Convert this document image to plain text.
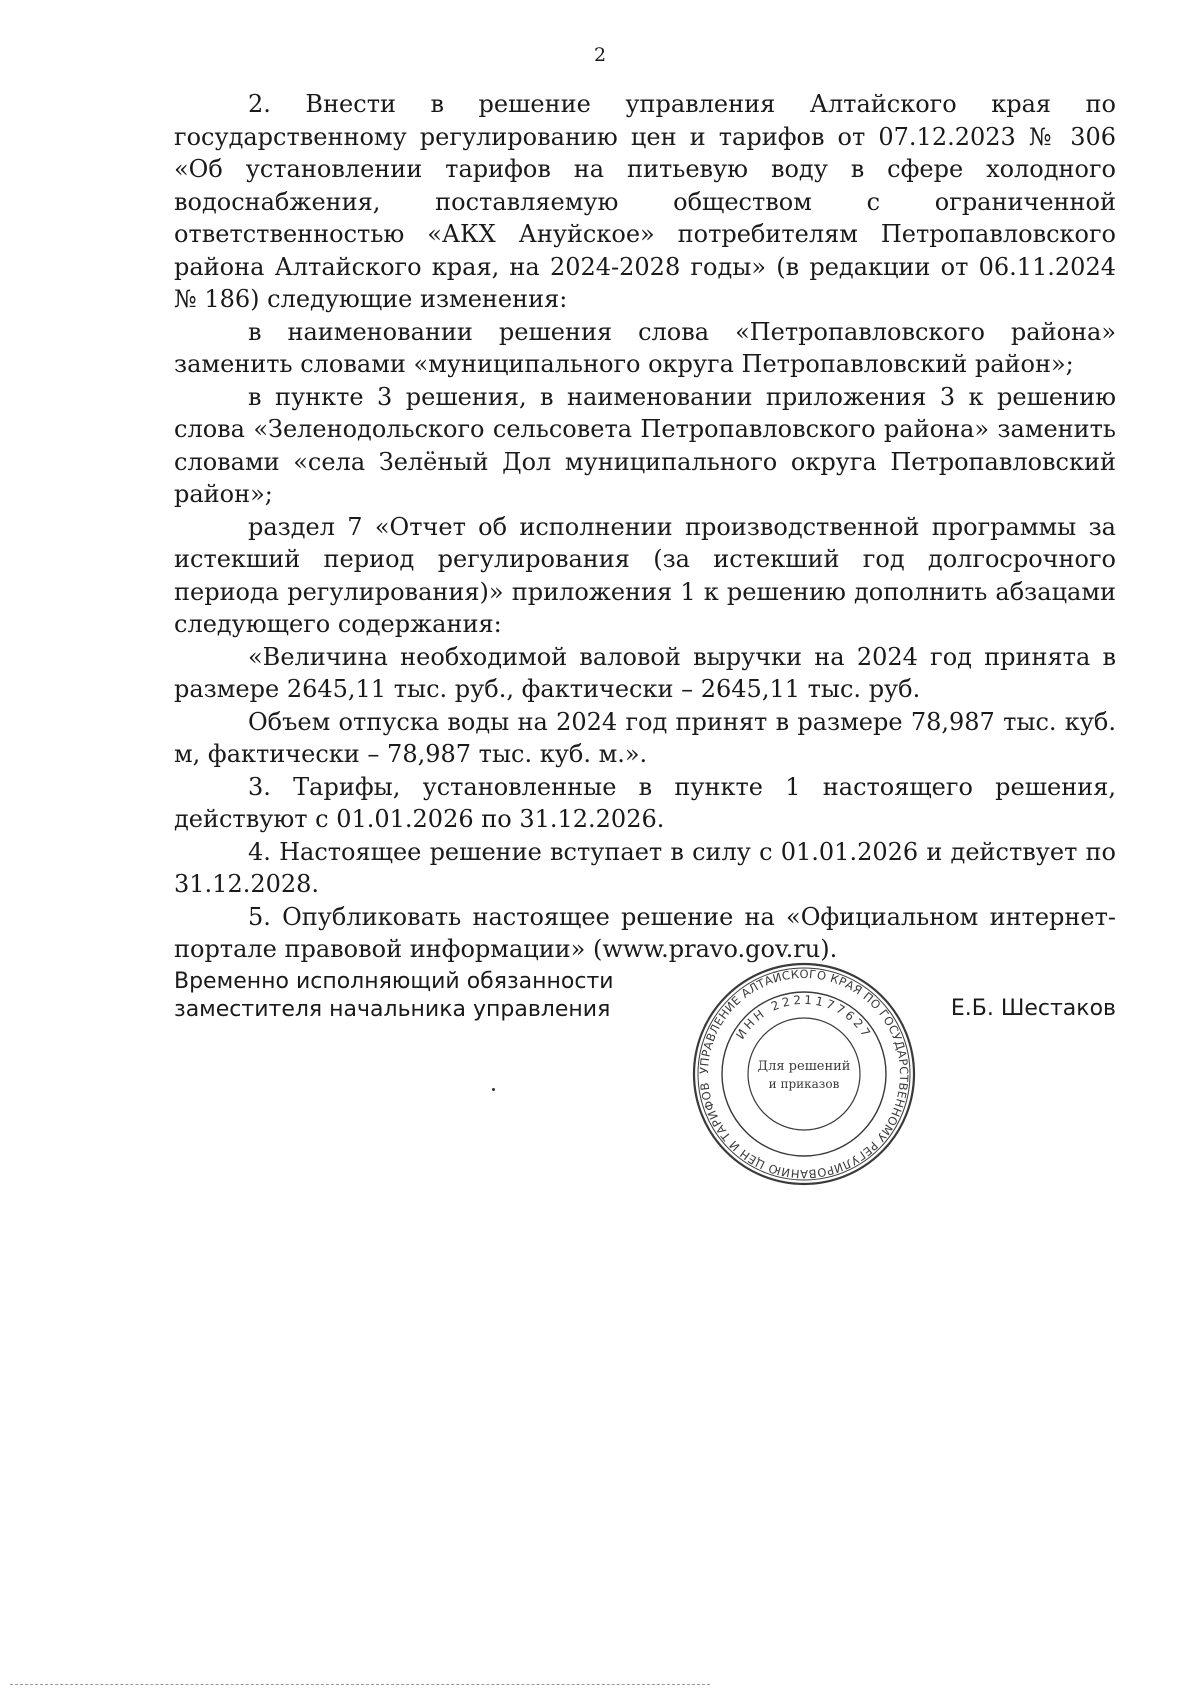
2

2. Внести в решение управления Алтайского края по государственному регулированию цен и тарифов от 07.12.2023 № 306 «Об установлении тарифов на питьевую воду в сфере холодного водоснабжения, поставляемую обществом с ограниченной ответственностью «АКХ Ануйское» потребителям Петропавловского района Алтайского края, на 2024-2028 годы» (в редакции от 06.11.2024 № 186) следующие изменения:

в наименовании решения слова «Петропавловского района» заменить словами «муниципального округа Петропавловский район»;

в пункте 3 решения, в наименовании приложения 3 к решению слова «Зеленодольского сельсовета Петропавловского района» заменить словами «села Зелёный Дол муниципального округа Петропавловский район»;

раздел 7 «Отчет об исполнении производственной программы за истекший период регулирования (за истекший год долгосрочного периода регулирования)» приложения 1 к решению дополнить абзацами следующего содержания:

«Величина необходимой валовой выручки на 2024 год принята в размере 2645,11 тыс. руб., фактически – 2645,11 тыс. руб.

Объем отпуска воды на 2024 год принят в размере 78,987 тыс. куб. м, фактически – 78,987 тыс. куб. м.».

3. Тарифы, установленные в пункте 1 настоящего решения, действуют с 01.01.2026 по 31.12.2026.

4. Настоящее решение вступает в силу с 01.01.2026 и действует по 31.12.2028.

5. Опубликовать настоящее решение на «Официальном интернет-портале правовой информации» (www.pravo.gov.ru).

Временно исполняющий обязанности
заместителя начальника управления
УПРАВЛЕНИЕ АЛТАЙСКОГО КРАЯ ПО ГОСУДАРСТВЕННОМУ РЕГУЛИРОВАНИЮ ЦЕН И ТАРИФОВ
ИНН 2221177627
Для решений
и приказов
Е.Б. Шестаков
